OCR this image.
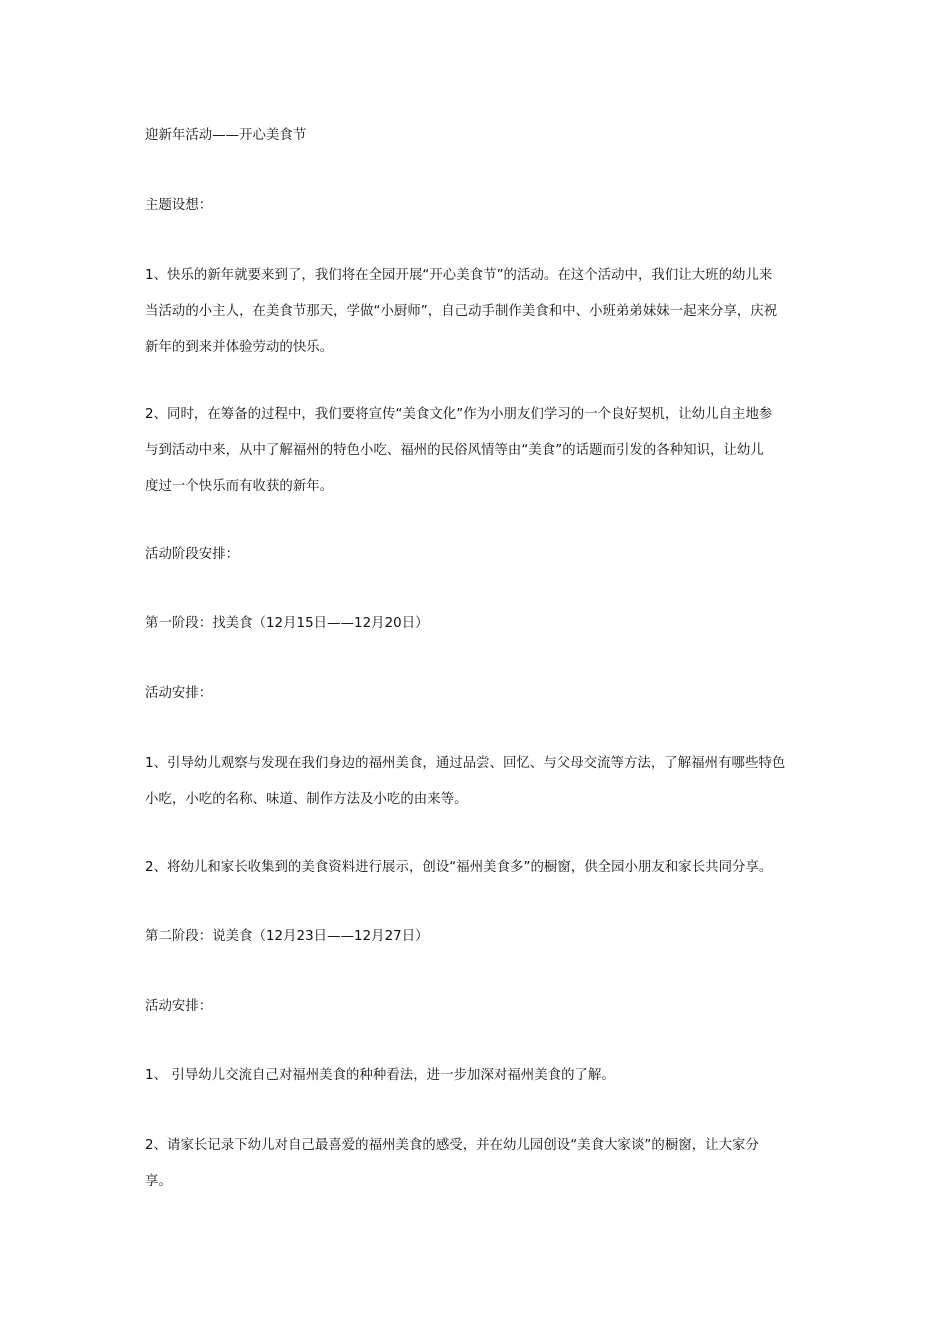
迎新年活动——开心美食节

主题设想：

1、快乐的新年就要来到了，我们将在全园开展“开心美食节”的活动。在这个活动中，我们让大班的幼儿来
当活动的小主人，在美食节那天，学做“小厨师”，自己动手制作美食和中、小班弟弟妹妹一起来分享，庆祝
新年的到来并体验劳动的快乐。

2、同时，在筹备的过程中，我们要将宣传“美食文化”作为小朋友们学习的一个良好契机，让幼儿自主地参
与到活动中来，从中了解福州的特色小吃、福州的民俗风情等由“美食”的话题而引发的各种知识，让幼儿
度过一个快乐而有收获的新年。

活动阶段安排：

第一阶段：找美食（12月15日——12月20日）

活动安排：

1、引导幼儿观察与发现在我们身边的福州美食，通过品尝、回忆、与父母交流等方法，了解福州有哪些特色
小吃，小吃的名称、味道、制作方法及小吃的由来等。

2、将幼儿和家长收集到的美食资料进行展示，创设“福州美食多”的橱窗，供全园小朋友和家长共同分享。

第二阶段：说美食（12月23日——12月27日）

活动安排：

1、 引导幼儿交流自己对福州美食的种种看法，进一步加深对福州美食的了解。

2、请家长记录下幼儿对自己最喜爱的福州美食的感受，并在幼儿园创设“美食大家谈”的橱窗，让大家分
享。
